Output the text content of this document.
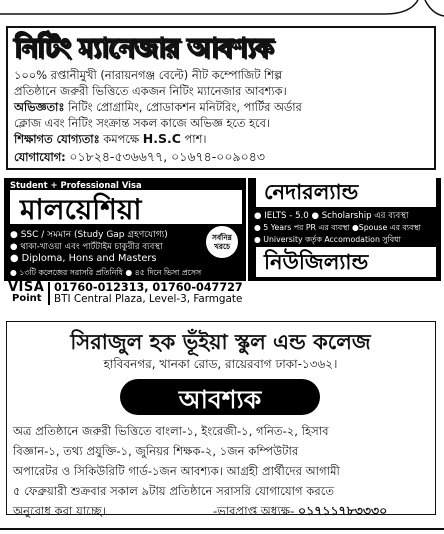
নিটিং ম্যানেজার আবশ্যক
১০০% রপ্তানীমুখী (নারায়নগঞ্জ বেল্টে) নীট কম্পোজিট শিল্প
প্রতিষ্ঠানে জরুরী ভিত্তিতে একজন নিটিং ম্যানেজার আবশ্যক।
অভিজ্ঞতাঃ নিটিং প্রোগ্রামিং, প্রোডাকশন মনিটরিং, পার্টির অর্ডার
ক্লোজ এবং নিটিং সংক্রান্ত সকল কাজে অভিজ্ঞ হতে হবে।
শিক্ষাগত যোগ্যতাঃ কমপক্ষে H.S.C পাশ।
যোগাযোগ: ০১৮২৪-৫৩৬৬৭৭, ০১৬৭৪-০০৯০৪৩
Student + Professional Visa
মালয়েশিয়া
● SSC / সমমান (Study Gap গ্রহণযোগ্য)
● থাকা-খাওয়া এবং পার্টটাইম চাকুরীর ব্যবস্থা
● Diploma, Hons and Masters
● ১৩টি কলেজের সরাসরি প্রতিনিধি ● ৪৫ দিনে ভিসা প্রসেস
সর্বনিম্ন খরচে
নেদারল্যান্ড
● IELTS - 5.0 ● Scholarship এর ব্যবস্থা
● 5 Years পর PR এর ব্যবস্থা ●Spouse এর ব্যবস্থা
● University কর্তৃক Accomodation সুবিধা
নিউজিল্যান্ড
VISA
Point
01760-012313, 01760-047727
BTI Central Plaza, Level-3, Farmgate
সিরাজুল হক ভূঁইয়া স্কুল এন্ড কলেজ
হাবিবনগর, খানকা রোড, রায়েরবাগ ঢাকা-১৩৬২।
আবশ্যক
অত্র প্রতিষ্ঠানে জরুরী ভিত্তিতে বাংলা-১, ইংরেজী-১, গনিত-২, হিসাব
বিজ্ঞান-১, তথ্য প্রযুক্তি-১, জুনিয়র শিক্ষক-২, ১জন কম্পিউটার
অপারেটর ও সিকিউরিটি গার্ড-১জন আবশ্যক। আগ্রহী প্রার্থীদের আগামী
৫ ফেব্রুয়ারী শুক্রবার সকাল ৯টায় প্রতিষ্ঠানে সরাসরি যোগাযোগ করতে
অনুরোধ করা যাচ্ছে।	-ভারপ্রাপ্ত অধ্যক্ষ- ০১৭১১৭৮৩৩৩০
